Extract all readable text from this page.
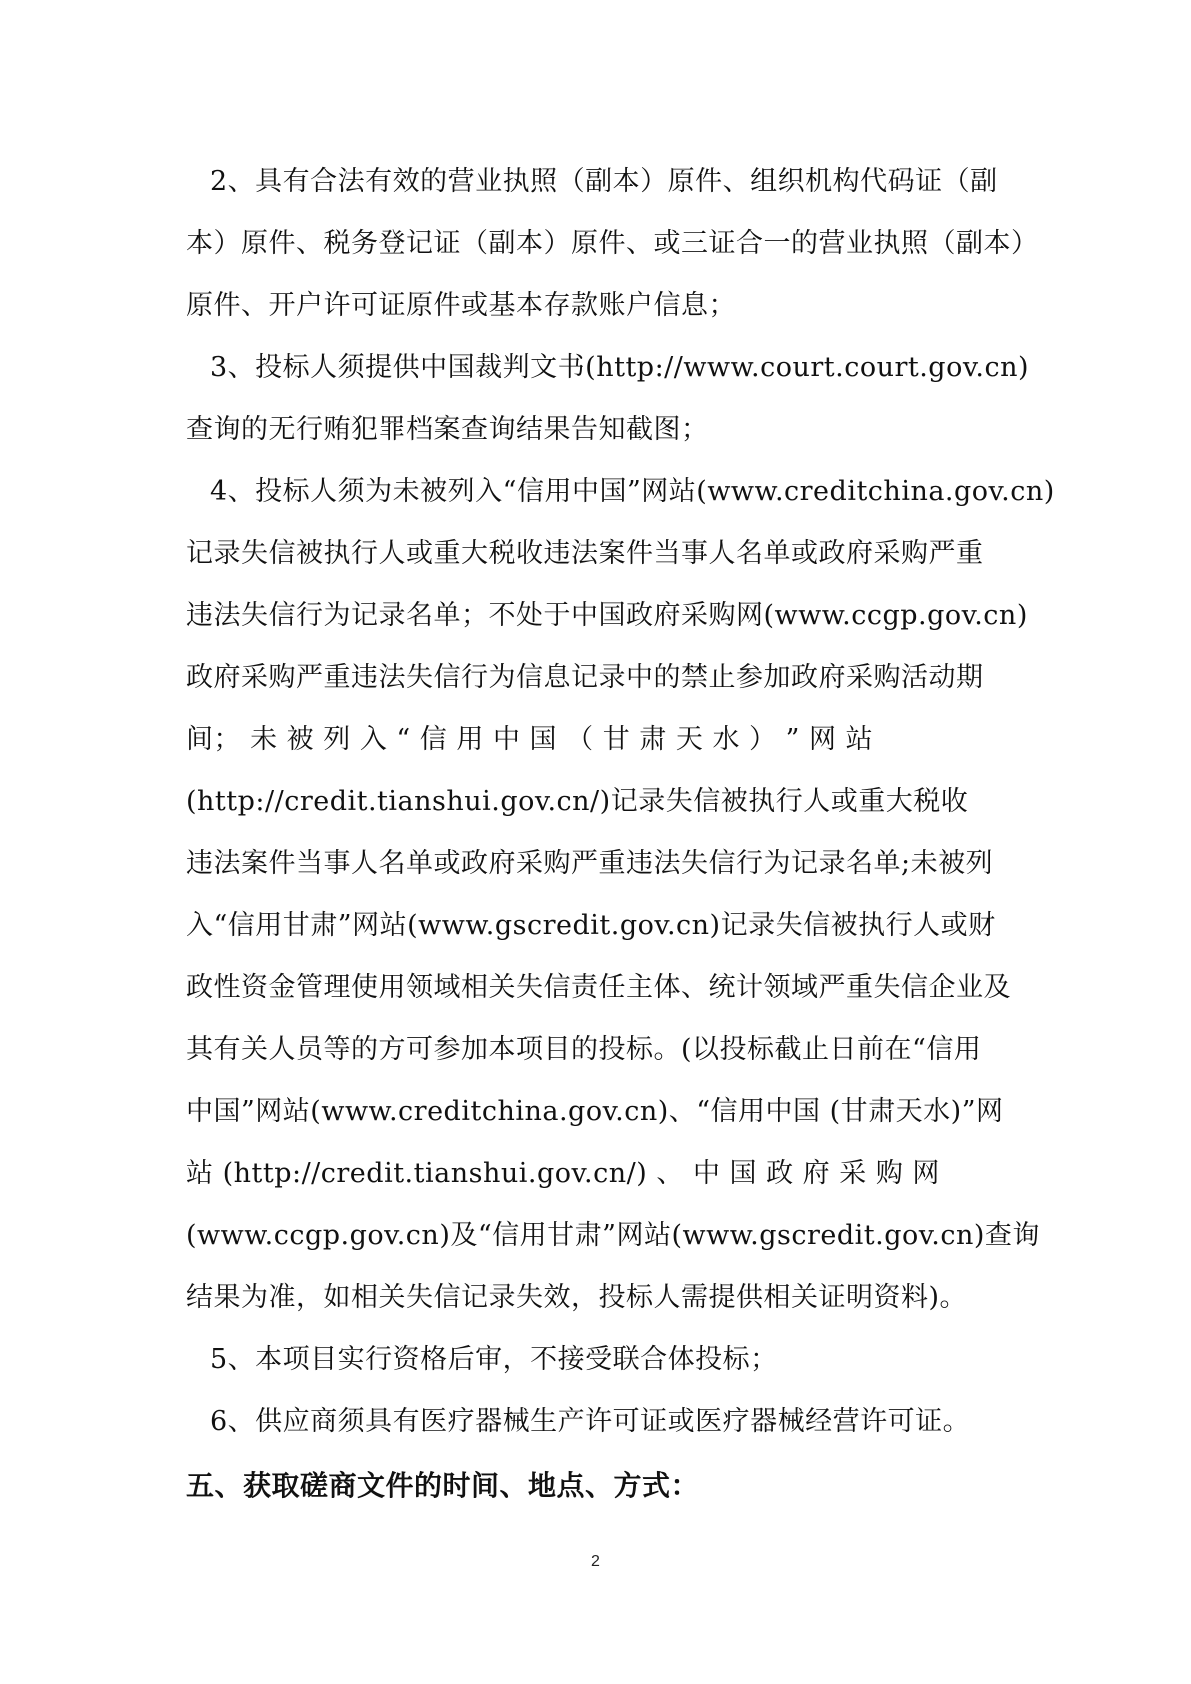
2、具有合法有效的营业执照（副本）原件、组织机构代码证（副
本）原件、税务登记证（副本）原件、或三证合一的营业执照（副本）
原件、开户许可证原件或基本存款账户信息；
3、投标人须提供中国裁判文书(http://www.court.court.gov.cn)
查询的无行贿犯罪档案查询结果告知截图；
4、投标人须为未被列入“信用中国”网站(www.creditchina.gov.cn)
记录失信被执行人或重大税收违法案件当事人名单或政府采购严重
违法失信行为记录名单；不处于中国政府采购网(www.ccgp.gov.cn)
政府采购严重违法失信行为信息记录中的禁止参加政府采购活动期
间； 未 被 列 入 “ 信 用 中 国 （ 甘 肃 天 水 ） ” 网 站
(http://credit.tianshui.gov.cn/)记录失信被执行人或重大税收
违法案件当事人名单或政府采购严重违法失信行为记录名单;未被列
入“信用甘肃”网站(www.gscredit.gov.cn)记录失信被执行人或财
政性资金管理使用领域相关失信责任主体、统计领域严重失信企业及
其有关人员等的方可参加本项目的投标。(以投标截止日前在“信用
中国”网站(www.creditchina.gov.cn)、“信用中国 (甘肃天水)”网
站 (http://credit.tianshui.gov.cn/) 、 中 国 政 府 采 购 网
(www.ccgp.gov.cn)及“信用甘肃”网站(www.gscredit.gov.cn)查询
结果为准，如相关失信记录失效，投标人需提供相关证明资料)。
5、本项目实行资格后审，不接受联合体投标；
6、供应商须具有医疗器械生产许可证或医疗器械经营许可证。
五、获取磋商文件的时间、地点、方式：
2
